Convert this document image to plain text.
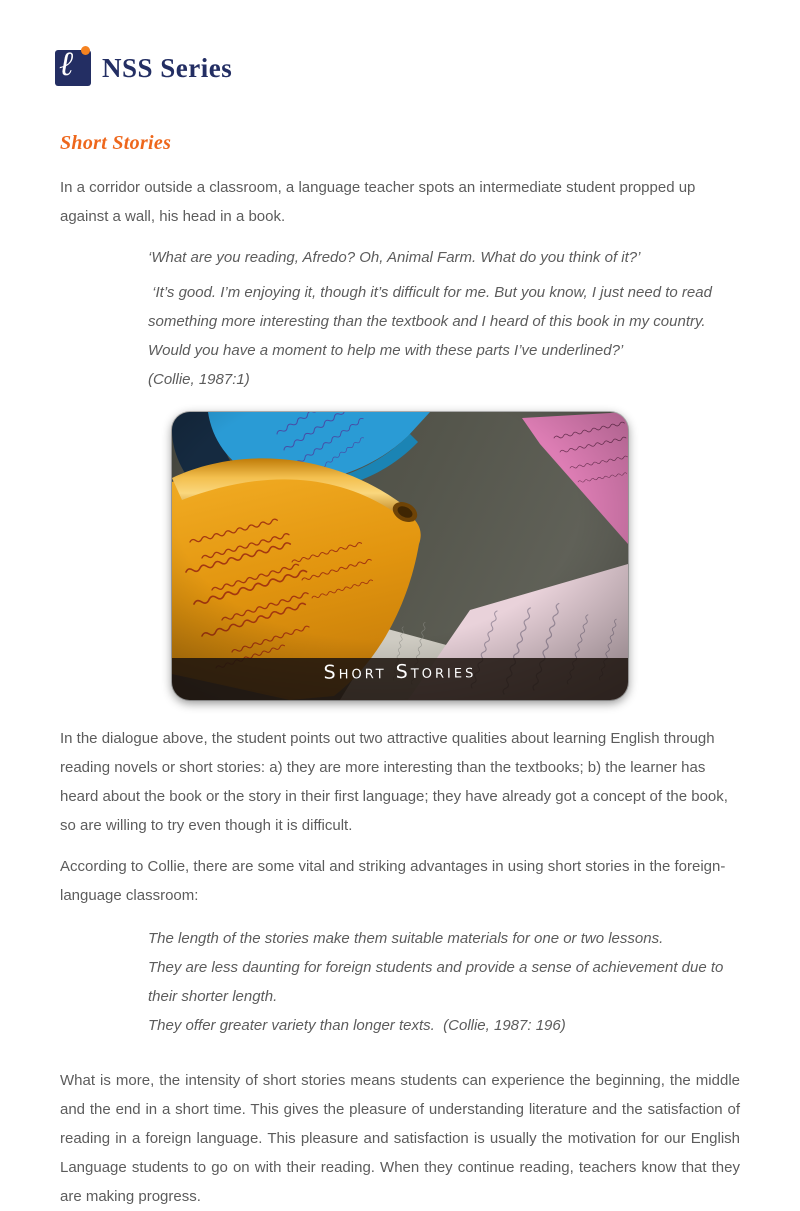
ℓ NSS Series
Short Stories

In a corridor outside a classroom, a language teacher spots an intermediate student propped up against a wall, his head in a book.

‘What are you reading, Afredo? Oh, Animal Farm. What do you think of it?’
‘It’s good. I’m enjoying it, though it’s difficult for me. But you know, I just need to read something more interesting than the textbook and I heard of this book in my country. Would you have a moment to help me with these parts I’ve underlined?’
(Collie, 1987:1)
Short Stories

In the dialogue above, the student points out two attractive qualities about learning English through reading novels or short stories: a) they are more interesting than the textbooks; b) the learner has heard about the book or the story in their first language; they have already got a concept of the book, so are willing to try even though it is difficult.

According to Collie, there are some vital and striking advantages in using short stories in the foreign-language classroom:

The length of the stories make them suitable materials for one or two lessons.
They are less daunting for foreign students and provide a sense of achievement due to their shorter length.
They offer greater variety than longer texts.  (Collie, 1987: 196)

What is more, the intensity of short stories means students can experience the beginning, the middle and the end in a short time. This gives the pleasure of understanding literature and the satisfaction of reading in a foreign language. This pleasure and satisfaction is usually the motivation for our English Language students to go on with their reading. When they continue reading, teachers know that they are making progress.
